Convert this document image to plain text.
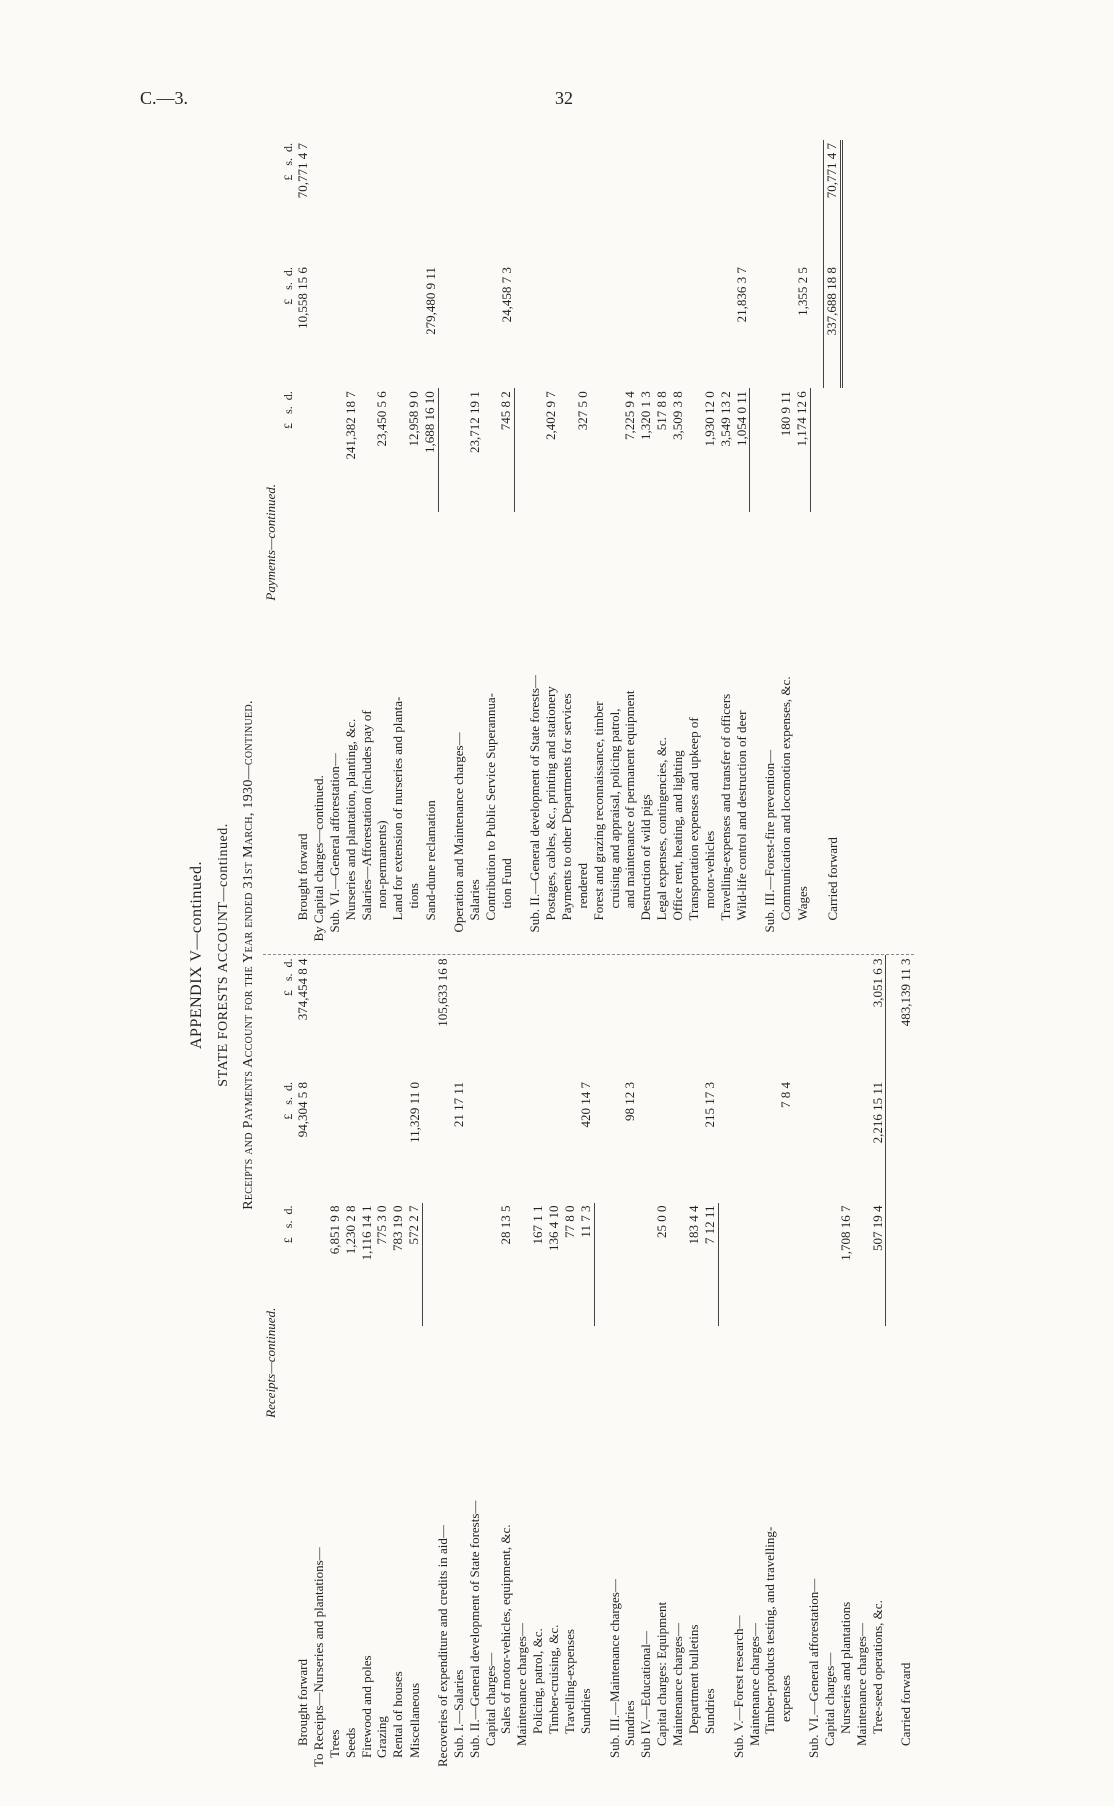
C.—3.	32
APPENDIX V—continued. STATE FORESTS ACCOUNT—continued. Receipts and Payments Account for the Year ended 31st March, 1930—continued.
Receipts—continued.
	£   s.  d.	£   s.  d.	£   s.  d.
Brought forward		94,304 5 8	374,454 8 4
To Receipts—Nurseries and plantations—			
Trees	6,851 9 8		
Seeds	1,230 2 8		
Firewood and poles	1,116 14 1		
Grazing	775 3 0		
Rental of houses	783 19 0		
Miscellaneous	572 2 7	11,329 11 0	

Recoveries of expenditure and credits in aid—			105,633 16 8
Sub. I.—Salaries		21 17 11	
Sub. II.—General development of State forests—			
Capital charges—			
Sales of motor-vehicles, equipment, &c.	28 13 5		
Maintenance charges—			
Policing, patrol, &c.	167 1 1		
Timber-cruising, &c.	136 4 10		
Travelling-expenses	77 8 0		
Sundries	11 7 3	420 14 7	

Sub. III.—Maintenance charges—			
Sundries		98 12 3	
Sub IV.—Educational—			
Capital charges: Equipment	25 0 0		
Maintenance charges—			
Department bulletins	183 4 4		
Sundries	7 12 11	215 17 3	

Sub. V.—Forest research—			
Maintenance charges—			
Timber-products testing, and travelling-			
expenses		7 8 4	

Sub. VI.—General afforestation—			
Capital charges—			
Nurseries and plantations	1,708 16 7		
Maintenance charges—			
Tree-seed operations, &c.	507 19 4	2,216 15 11	3,051 6 3

Carried forward			483,139 11 3
Payments—continued.
	£   s.  d.	£   s.  d.	£   s.  d.
Brought forward		10,558 15 6	70,771 4 7
By Capital charges—continued.			
Sub. VI.—General afforestation—			
Nurseries and plantation, planting, &c.	241,382 18 7		
Salaries—Afforestation (includes pay of			
non-permanents)	23,450 5 6		
Land for extension of nurseries and planta-			
tions	12,958 9 0		
Sand-dune reclamation	1,688 16 10	279,480 9 11	

Operation and Maintenance charges—			
Salaries	23,712 19 1		
Contribution to Public Service Superannua-			
tion Fund	745 8 2	24,458 7 3	

Sub. II.—General development of State forests—			
Postages, cables, &c., printing and stationery	2,402 9 7		
Payments to other Departments for services			
rendered	327 5 0		
Forest and grazing reconnaissance, timber			
cruising and appraisal, policing patrol,			
and maintenance of permanent equipment	7,225 9 4		
Destruction of wild pigs	1,320 1 3		
Legal expenses, contingencies, &c.	517 8 8		
Office rent, heating, and lighting	3,509 3 8		
Transportation expenses and upkeep of			
motor-vehicles	1,930 12 0		
Travelling-expenses and transfer of officers	3,549 13 2		
Wild-life control and destruction of deer	1,054 0 11	21,836 3 7	

Sub. III.—Forest-fire prevention—			
Communication and locomotion expenses, &c.	180 9 11		
Wages	1,174 12 6	1,355 2 5	

Carried forward		337,688 18 8	70,771 4 7
